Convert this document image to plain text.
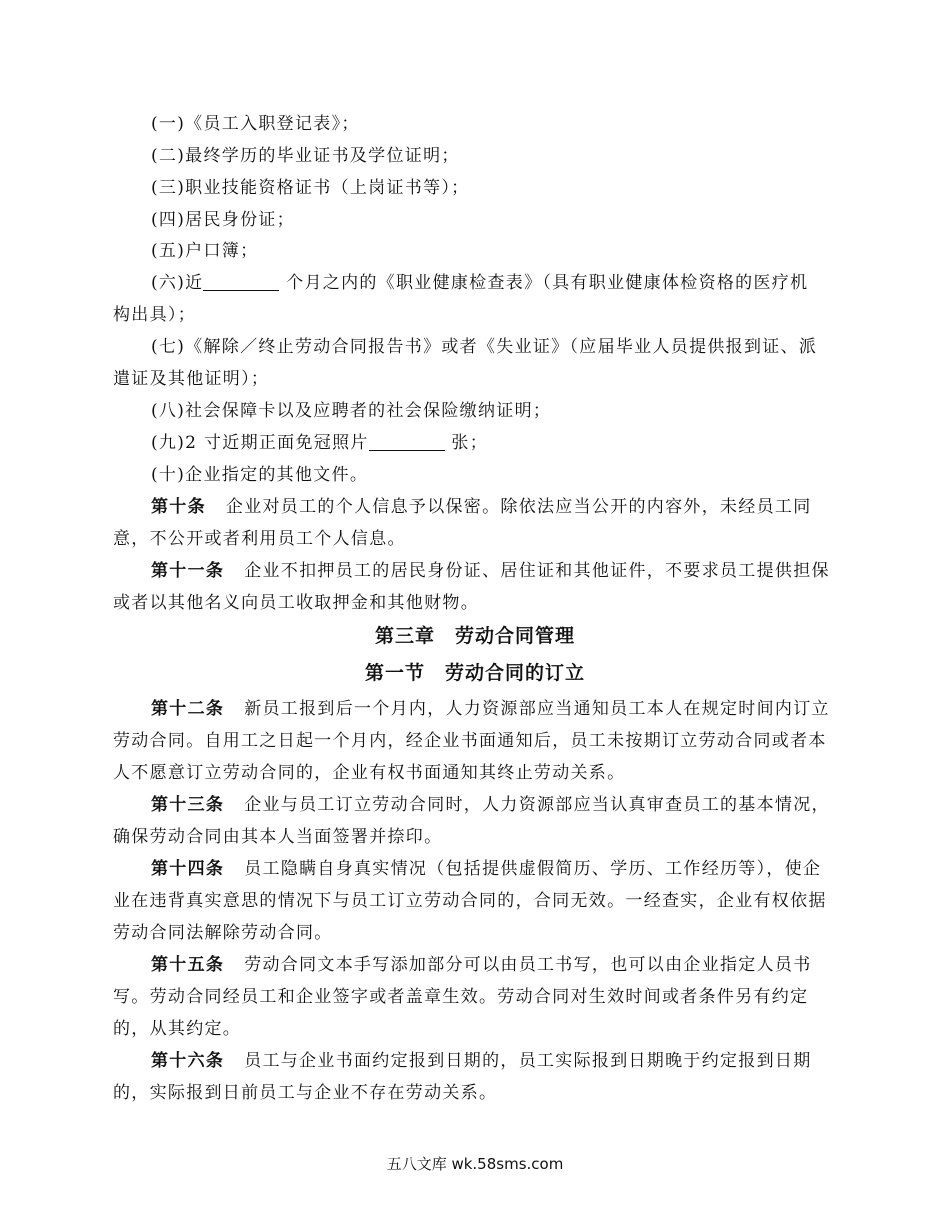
(一)《员工入职登记表》；
(二)最终学历的毕业证书及学位证明；
(三)职业技能资格证书（上岗证书等）；
(四)居民身份证；
(五)户口簿；
(六)近	个月之内的《职业健康检查表》（具有职业健康体检资格的医疗机
构出具）；
(七)《解除／终止劳动合同报告书》或者《失业证》（应届毕业人员提供报到证、派
遣证及其他证明）；
(八)社会保障卡以及应聘者的社会保险缴纳证明；
(九)2 寸近期正面免冠照片	张；
(十)企业指定的其他文件。
第十条 企业对员工的个人信息予以保密。除依法应当公开的内容外，未经员工同
意，不公开或者利用员工个人信息。
第十一条 企业不扣押员工的居民身份证、居住证和其他证件，不要求员工提供担保
或者以其他名义向员工收取押金和其他财物。
第三章 劳动合同管理
第一节 劳动合同的订立
第十二条 新员工报到后一个月内，人力资源部应当通知员工本人在规定时间内订立
劳动合同。自用工之日起一个月内，经企业书面通知后，员工未按期订立劳动合同或者本
人不愿意订立劳动合同的，企业有权书面通知其终止劳动关系。
第十三条 企业与员工订立劳动合同时，人力资源部应当认真审查员工的基本情况，
确保劳动合同由其本人当面签署并捺印。
第十四条 员工隐瞒自身真实情况（包括提供虚假简历、学历、工作经历等），使企
业在违背真实意思的情况下与员工订立劳动合同的，合同无效。一经查实，企业有权依据
劳动合同法解除劳动合同。
第十五条 劳动合同文本手写添加部分可以由员工书写，也可以由企业指定人员书
写。劳动合同经员工和企业签字或者盖章生效。劳动合同对生效时间或者条件另有约定
的，从其约定。
第十六条 员工与企业书面约定报到日期的，员工实际报到日期晚于约定报到日期
的，实际报到日前员工与企业不存在劳动关系。
五八文库 wk.58sms.com
